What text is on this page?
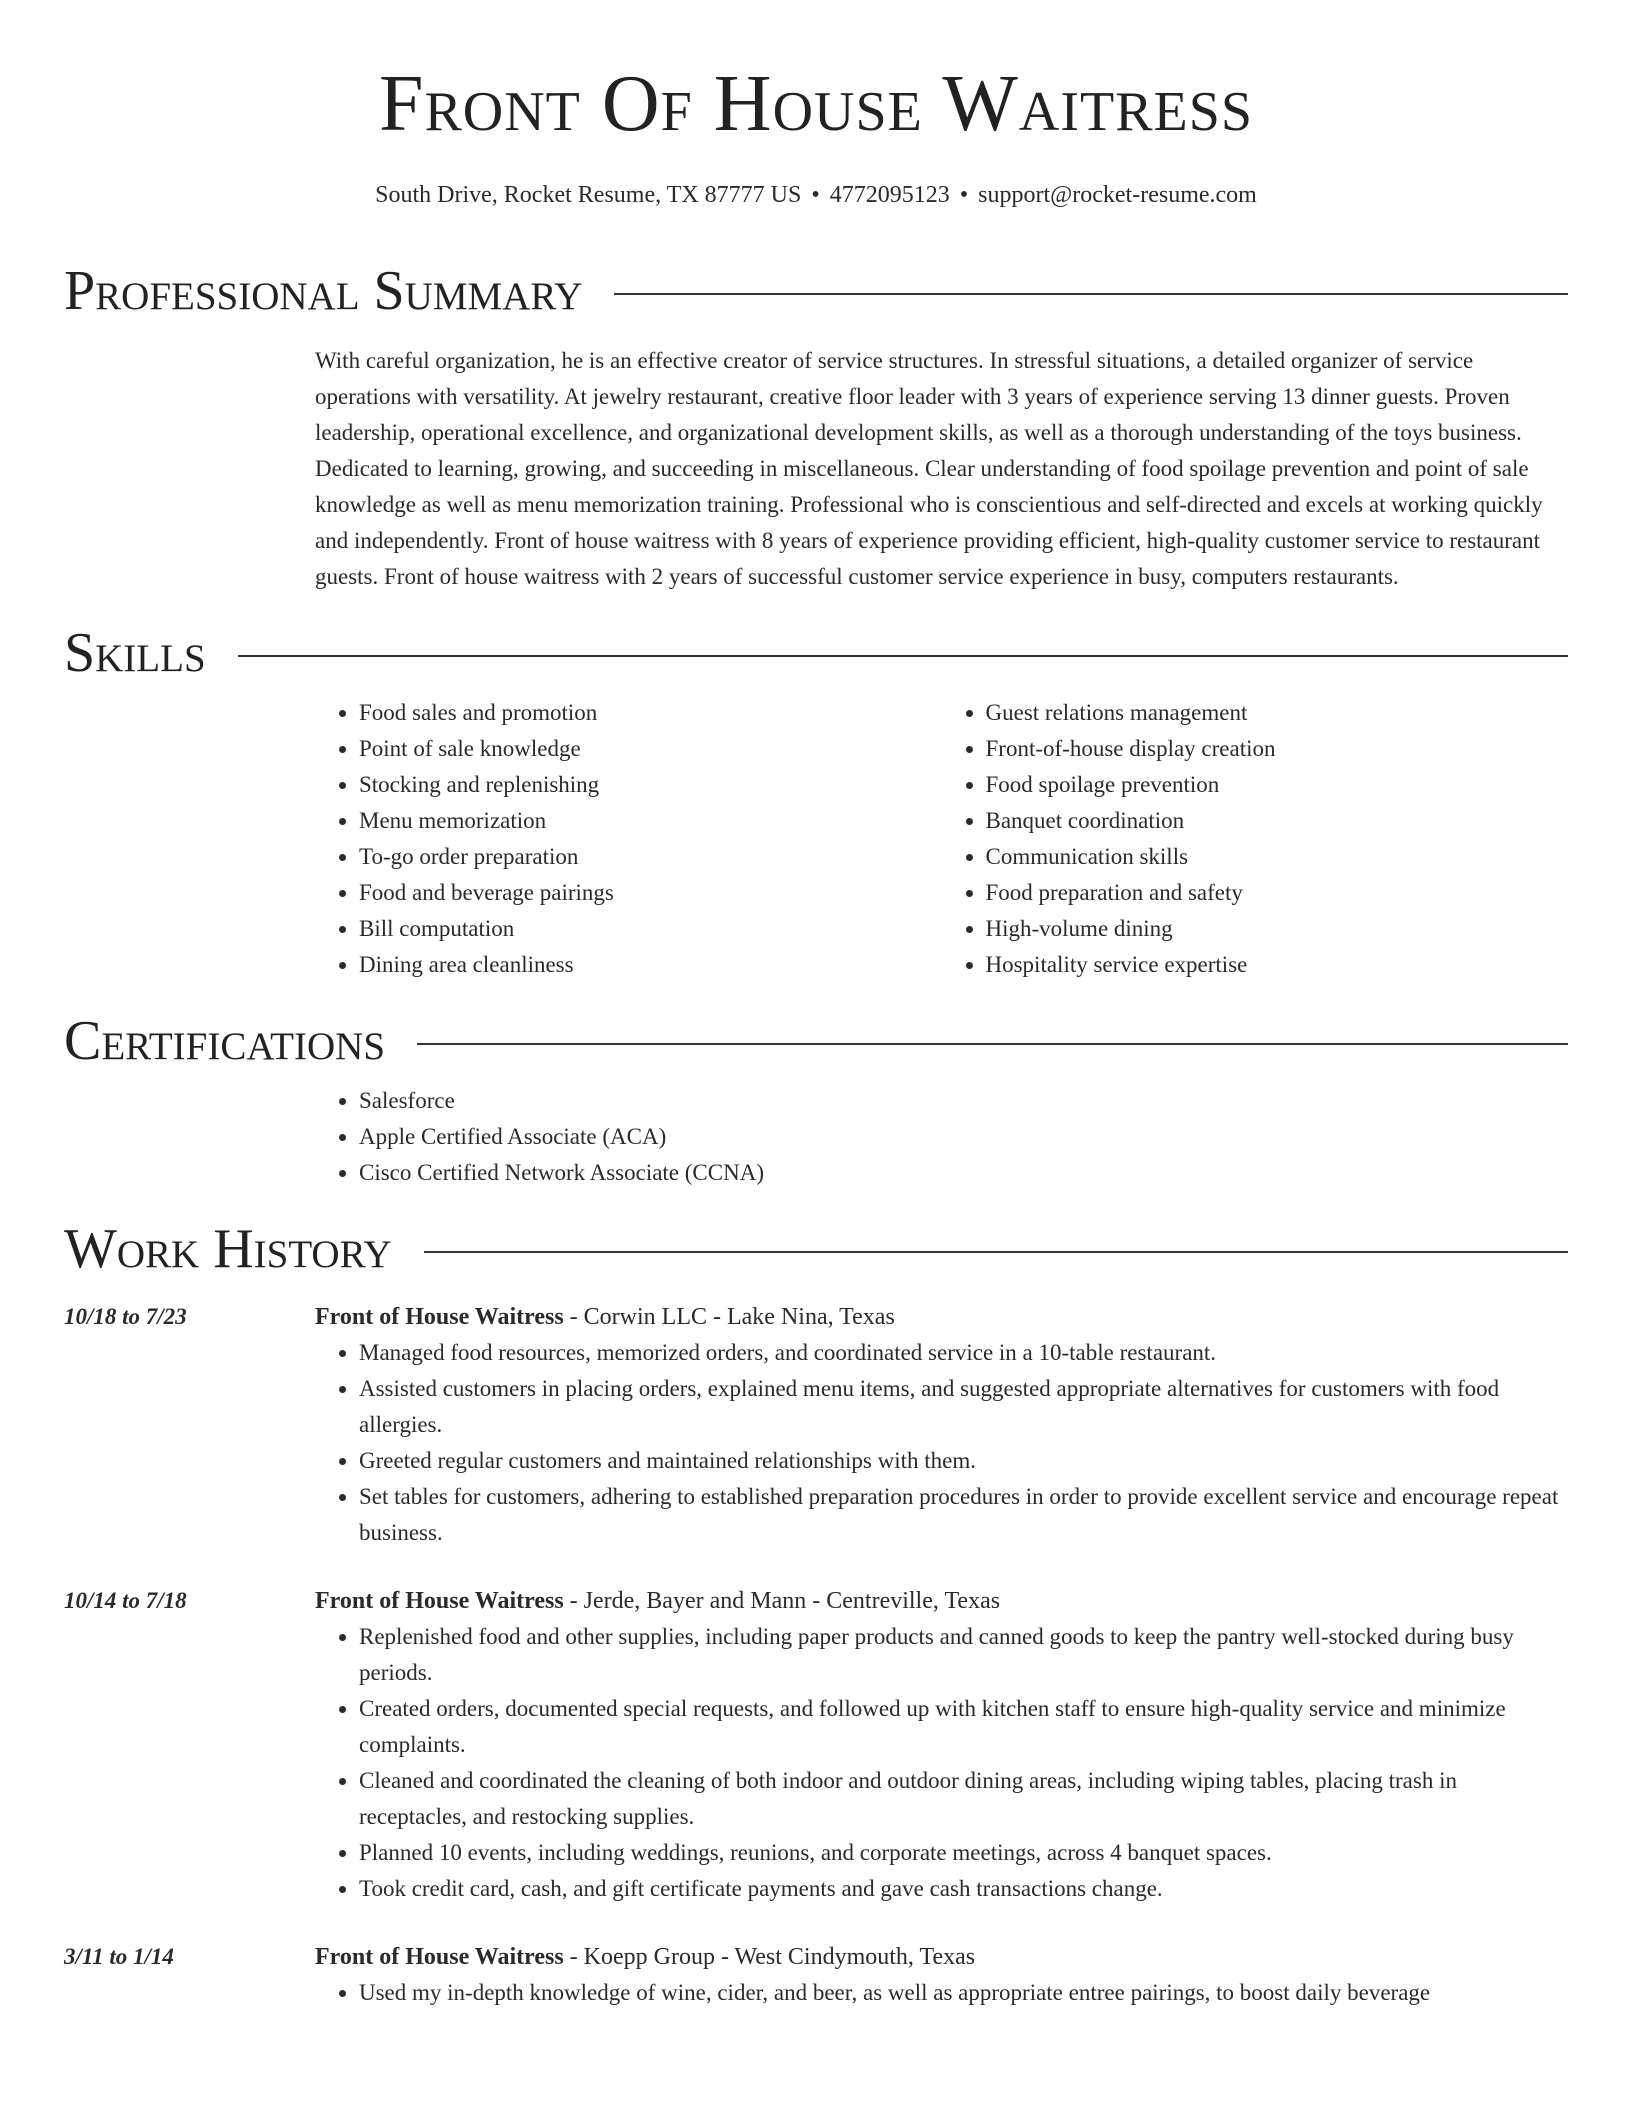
Front Of House Waitress
South Drive, Rocket Resume, TX 87777 US • 4772095123 • support@rocket-resume.com
Professional Summary
With careful organization, he is an effective creator of service structures. In stressful situations, a detailed organizer of service operations with versatility. At jewelry restaurant, creative floor leader with 3 years of experience serving 13 dinner guests. Proven leadership, operational excellence, and organizational development skills, as well as a thorough understanding of the toys business. Dedicated to learning, growing, and succeeding in miscellaneous. Clear understanding of food spoilage prevention and point of sale knowledge as well as menu memorization training. Professional who is conscientious and self-directed and excels at working quickly and independently. Front of house waitress with 8 years of experience providing efficient, high-quality customer service to restaurant guests. Front of house waitress with 2 years of successful customer service experience in busy, computers restaurants.
Skills
• Food sales and promotion
• Point of sale knowledge
• Stocking and replenishing
• Menu memorization
• To-go order preparation
• Food and beverage pairings
• Bill computation
• Dining area cleanliness
• Guest relations management
• Front-of-house display creation
• Food spoilage prevention
• Banquet coordination
• Communication skills
• Food preparation and safety
• High-volume dining
• Hospitality service expertise
Certifications
• Salesforce
• Apple Certified Associate (ACA)
• Cisco Certified Network Associate (CCNA)
Work History
10/18 to 7/23	Front of House Waitress - Corwin LLC - Lake Nina, Texas
• Managed food resources, memorized orders, and coordinated service in a 10-table restaurant.
• Assisted customers in placing orders, explained menu items, and suggested appropriate alternatives for customers with food allergies.
• Greeted regular customers and maintained relationships with them.
• Set tables for customers, adhering to established preparation procedures in order to provide excellent service and encourage repeat business.
10/14 to 7/18	Front of House Waitress - Jerde, Bayer and Mann - Centreville, Texas
• Replenished food and other supplies, including paper products and canned goods to keep the pantry well-stocked during busy periods.
• Created orders, documented special requests, and followed up with kitchen staff to ensure high-quality service and minimize complaints.
• Cleaned and coordinated the cleaning of both indoor and outdoor dining areas, including wiping tables, placing trash in receptacles, and restocking supplies.
• Planned 10 events, including weddings, reunions, and corporate meetings, across 4 banquet spaces.
• Took credit card, cash, and gift certificate payments and gave cash transactions change.
3/11 to 1/14	Front of House Waitress - Koepp Group - West Cindymouth, Texas
• Used my in-depth knowledge of wine, cider, and beer, as well as appropriate entree pairings, to boost daily beverage
